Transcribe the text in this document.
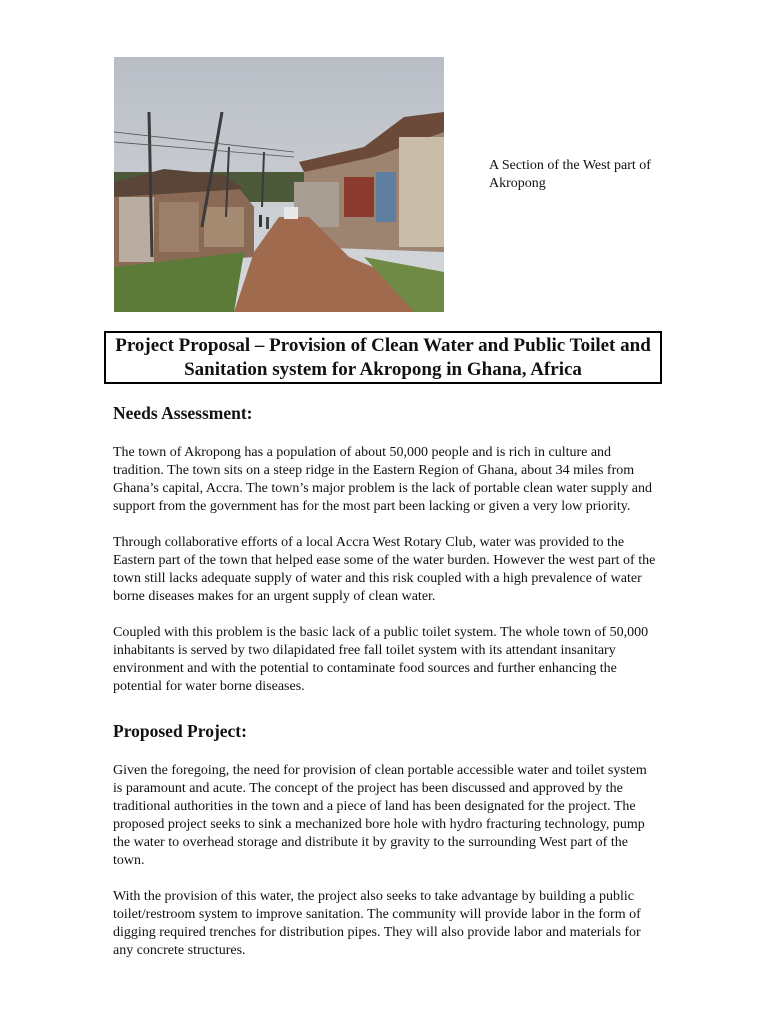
A Section of the West part of Akropong
Project Proposal – Provision of Clean Water and Public Toilet and Sanitation system for Akropong in Ghana, Africa
Needs Assessment:

The town of Akropong has a population of about 50,000 people and is rich in culture and tradition. The town sits on a steep ridge in the Eastern Region of Ghana, about 34 miles from Ghana’s capital, Accra. The town’s major problem is the lack of portable clean water supply and support from the government has for the most part been lacking or given a very low priority.

Through collaborative efforts of a local Accra West Rotary Club, water was provided to the Eastern part of the town that helped ease some of the water burden. However the west part of the town still lacks adequate supply of water and this risk coupled with a high prevalence of water borne diseases makes for an urgent supply of clean water.

Coupled with this problem is the basic lack of a public toilet system. The whole town of 50,000 inhabitants is served by two dilapidated free fall toilet system with its attendant insanitary environment and with the potential to contaminate food sources and further enhancing the potential for water borne diseases.

Proposed Project:

Given the foregoing, the need for provision of clean portable accessible water and toilet system is paramount and acute. The concept of the project has been discussed and approved by the traditional authorities in the town and a piece of land has been designated for the project. The proposed project seeks to sink a mechanized bore hole with hydro fracturing technology, pump the water to overhead storage and distribute it by gravity to the surrounding West part of the town.

With the provision of this water, the project also seeks to take advantage by building a public toilet/restroom system to improve sanitation. The community will provide labor in the form of digging required trenches for distribution pipes. They will also provide labor and materials for any concrete structures.
